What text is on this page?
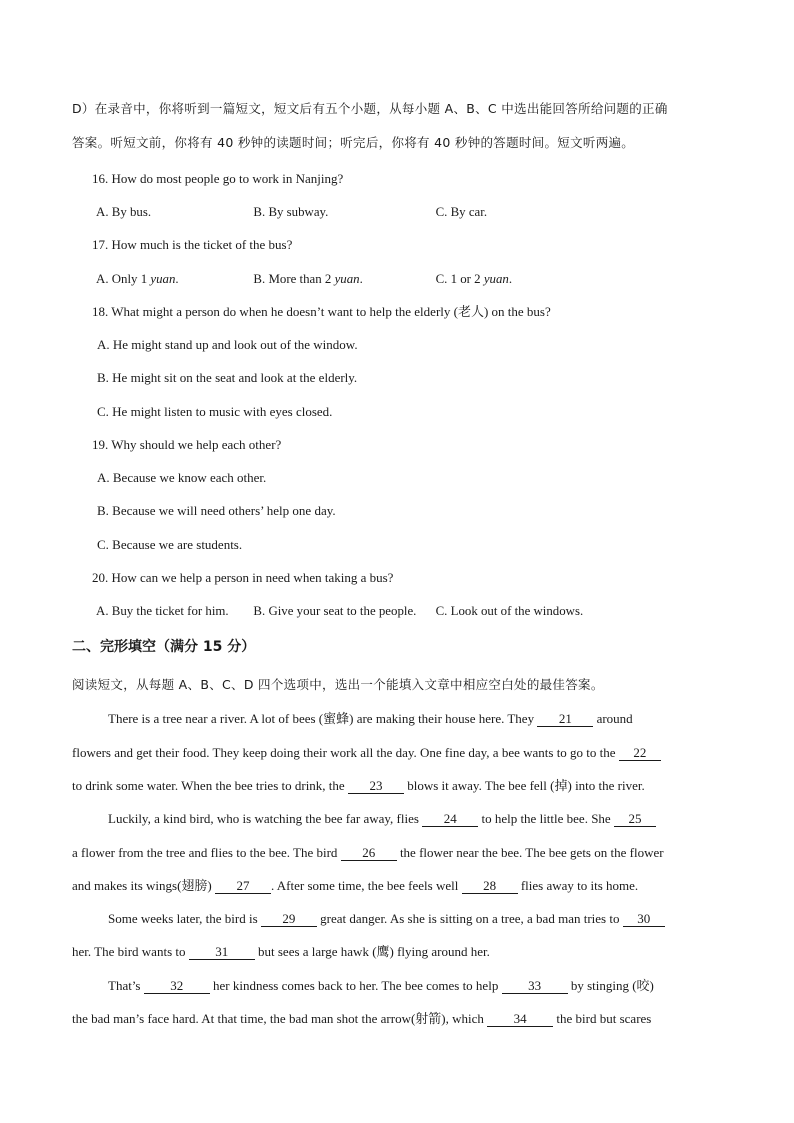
D）在录音中，你将听到一篇短文，短文后有五个小题，从每小题 A、B、C 中选出能回答所给问题的正确
答案。听短文前，你将有 40 秒钟的读题时间；听完后，你将有 40 秒钟的答题时间。短文听两遍。
16. How do most people go to work in Nanjing?
A. By bus.	B. By subway.	C. By car.
17. How much is the ticket of the bus?
A. Only 1 yuan.	B. More than 2 yuan.	C. 1 or 2 yuan.
18. What might a person do when he doesn’t want to help the elderly (老人) on the bus?
A. He might stand up and look out of the window.
B. He might sit on the seat and look at the elderly.
C. He might listen to music with eyes closed.
19. Why should we help each other?
A. Because we know each other.
B. Because we will need others’ help one day.
C. Because we are students.
20. How can we help a person in need when taking a bus?
A. Buy the ticket for him. B. Give your seat to the people. C. Look out of the windows.
二、完形填空（满分 15 分）
阅读短文，从每题 A、B、C、D 四个选项中，选出一个能填入文章中相应空白处的最佳答案。
There is a tree near a river. A lot of bees (蜜蜂) are making their house here. They 21 around
flowers and get their food. They keep doing their work all the day. One fine day, a bee wants to go to the 22
to drink some water. When the bee tries to drink, the 23 blows it away. The bee fell (掉) into the river.
Luckily, a kind bird, who is watching the bee far away, flies 24 to help the little bee. She 25
a flower from the tree and flies to the bee. The bird 26 the flower near the bee. The bee gets on the flower
and makes its wings(翅膀) 27 . After some time, the bee feels well 28 flies away to its home.
Some weeks later, the bird is 29 great danger. As she is sitting on a tree, a bad man tries to 30
her. The bird wants to 31 but sees a large hawk (鹰) flying around her.
That’s 32 her kindness comes back to her. The bee comes to help 33 by stinging (咬)
the bad man’s face hard. At that time, the bad man shot the arrow(射箭), which 34 the bird but scares
